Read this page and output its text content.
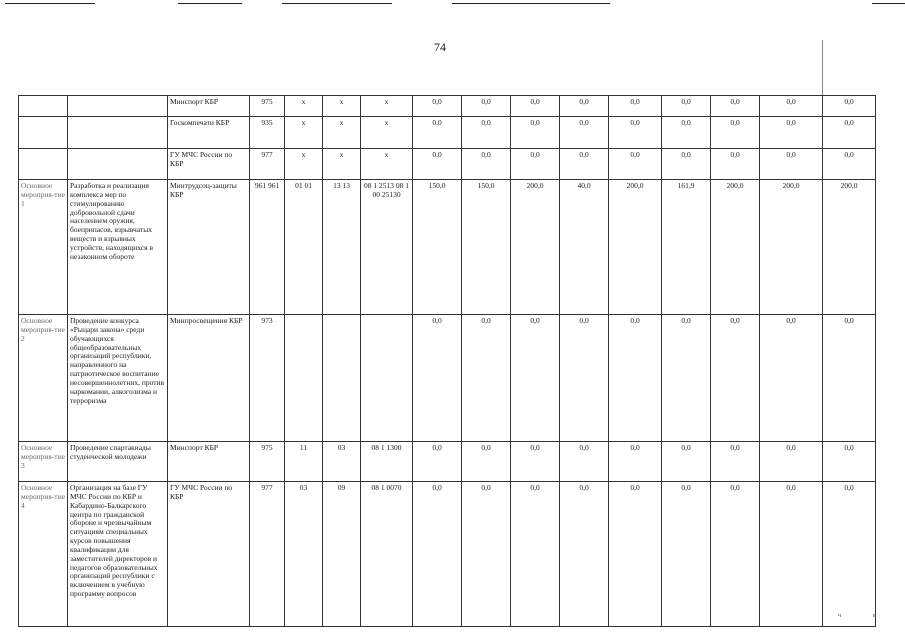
74
		Минспорт КБР	975	x	x	x	0,0	0,0	0,0	0,0	0,0	0,0	0,0	0,0	0,0
		Госкомпечати КБР	935	x	x	x	0,0	0,0	0,0	0,0	0,0	0,0	0,0	0,0	0,0
		ГУ МЧС России по КБР	977	x	x	x	0,0	0,0	0,0	0,0	0,0	0,0	0,0	0,0	0,0
Основное мероприя-тие 1	Разработка и реализация комплекса мер по стимулированию добровольной сдачи населением оружия, боеприпасов, взрывчатых веществ и взрывных устройств, находящихся в незаконном обороте	Минтрудсоц-защиты КБР	961 961	01 01	13 13	08 1 2513 08 1 00 25130	150,0	150,0	200,0	40,0	200,0	161,9	200,0	200,0	200,0
Основное мероприя-тие 2	Проведение конкурса «Рыцари закона» среди обучающихся общеобразовательных организаций республики, направленного на патриотическое воспитание несовершеннолетних, против наркомании, алкоголизма и терроризма	Минпросвещения КБР	973				0,0	0,0	0,0	0,0	0,0	0,0	0,0	0,0	0,0
Основное мероприя-тие 3	Проведение спартакиады студенческой молодежи	Минспорт КБР	975	11	03	08 1 1300	0,0	0,0	0,0	0,0	0,0	0,0	0,0	0,0	0,0
Основное мероприя-тие 4	Организация на базе ГУ МЧС России по КБР и Кабардино-Балкарского центра по гражданской обороне и чрезвычайным ситуациям специальных курсов повышения квалификации для заместителей директоров и педагогов образовательных организаций республики с включением в учебную программу вопросов	ГУ МЧС России по КБР	977	03	09	08 1 0070	0,0	0,0	0,0	0,0	0,0	0,0	0,0	0,0	0,0
ч	в
